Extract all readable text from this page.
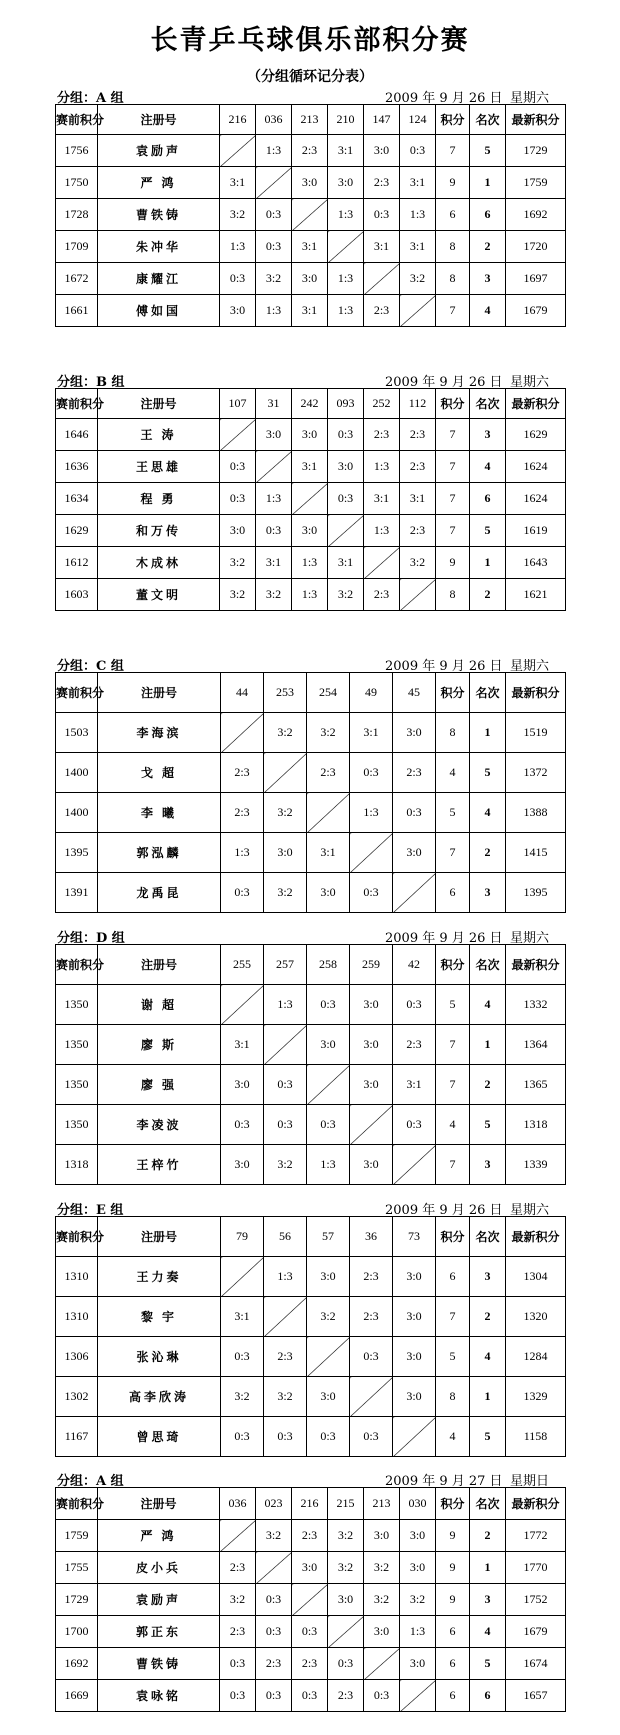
长青乒乓球俱乐部积分赛
（分组循环记分表）
分组：A 组	2009 年 9 月 26 日 星期六
赛前积分	注册号	216	036	213	210	147	124	积分	名次	最新积分
1756	袁励声		1:3	2:3	3:1	3:0	0:3	7	5	1729
1750	严 鸿	3:1		3:0	3:0	2:3	3:1	9	1	1759
1728	曹铁铸	3:2	0:3		1:3	0:3	1:3	6	6	1692
1709	朱冲华	1:3	0:3	3:1		3:1	3:1	8	2	1720
1672	康耀江	0:3	3:2	3:0	1:3		3:2	8	3	1697
1661	傅如国	3:0	1:3	3:1	1:3	2:3		7	4	1679
分组：B 组	2009 年 9 月 26 日 星期六
赛前积分	注册号	107	31	242	093	252	112	积分	名次	最新积分
1646	王 涛		3:0	3:0	0:3	2:3	2:3	7	3	1629
1636	王思雄	0:3		3:1	3:0	1:3	2:3	7	4	1624
1634	程 勇	0:3	1:3		0:3	3:1	3:1	7	6	1624
1629	和万传	3:0	0:3	3:0		1:3	2:3	7	5	1619
1612	木成林	3:2	3:1	1:3	3:1		3:2	9	1	1643
1603	董文明	3:2	3:2	1:3	3:2	2:3		8	2	1621
分组：C 组	2009 年 9 月 26 日 星期六
赛前积分	注册号	44	253	254	49	45	积分	名次	最新积分
1503	李海滨		3:2	3:2	3:1	3:0	8	1	1519
1400	戈 超	2:3		2:3	0:3	2:3	4	5	1372
1400	李 曦	2:3	3:2		1:3	0:3	5	4	1388
1395	郭泓麟	1:3	3:0	3:1		3:0	7	2	1415
1391	龙禹昆	0:3	3:2	3:0	0:3		6	3	1395
分组：D 组	2009 年 9 月 26 日 星期六
赛前积分	注册号	255	257	258	259	42	积分	名次	最新积分
1350	谢 超		1:3	0:3	3:0	0:3	5	4	1332
1350	廖 斯	3:1		3:0	3:0	2:3	7	1	1364
1350	廖 强	3:0	0:3		3:0	3:1	7	2	1365
1350	李凌波	0:3	0:3	0:3		0:3	4	5	1318
1318	王梓竹	3:0	3:2	1:3	3:0		7	3	1339
分组：E 组	2009 年 9 月 26 日 星期六
赛前积分	注册号	79	56	57	36	73	积分	名次	最新积分
1310	王力奏		1:3	3:0	2:3	3:0	6	3	1304
1310	黎 宇	3:1		3:2	2:3	3:0	7	2	1320
1306	张沁琳	0:3	2:3		0:3	3:0	5	4	1284
1302	高李欣涛	3:2	3:2	3:0		3:0	8	1	1329
1167	曾思琦	0:3	0:3	0:3	0:3		4	5	1158
分组：A 组	2009 年 9 月 27 日 星期日
赛前积分	注册号	036	023	216	215	213	030	积分	名次	最新积分
1759	严 鸿		3:2	2:3	3:2	3:0	3:0	9	2	1772
1755	皮小兵	2:3		3:0	3:2	3:2	3:0	9	1	1770
1729	袁励声	3:2	0:3		3:0	3:2	3:2	9	3	1752
1700	郭正东	2:3	0:3	0:3		3:0	1:3	6	4	1679
1692	曹铁铸	0:3	2:3	2:3	0:3		3:0	6	5	1674
1669	袁咏铭	0:3	0:3	0:3	2:3	0:3		6	6	1657
